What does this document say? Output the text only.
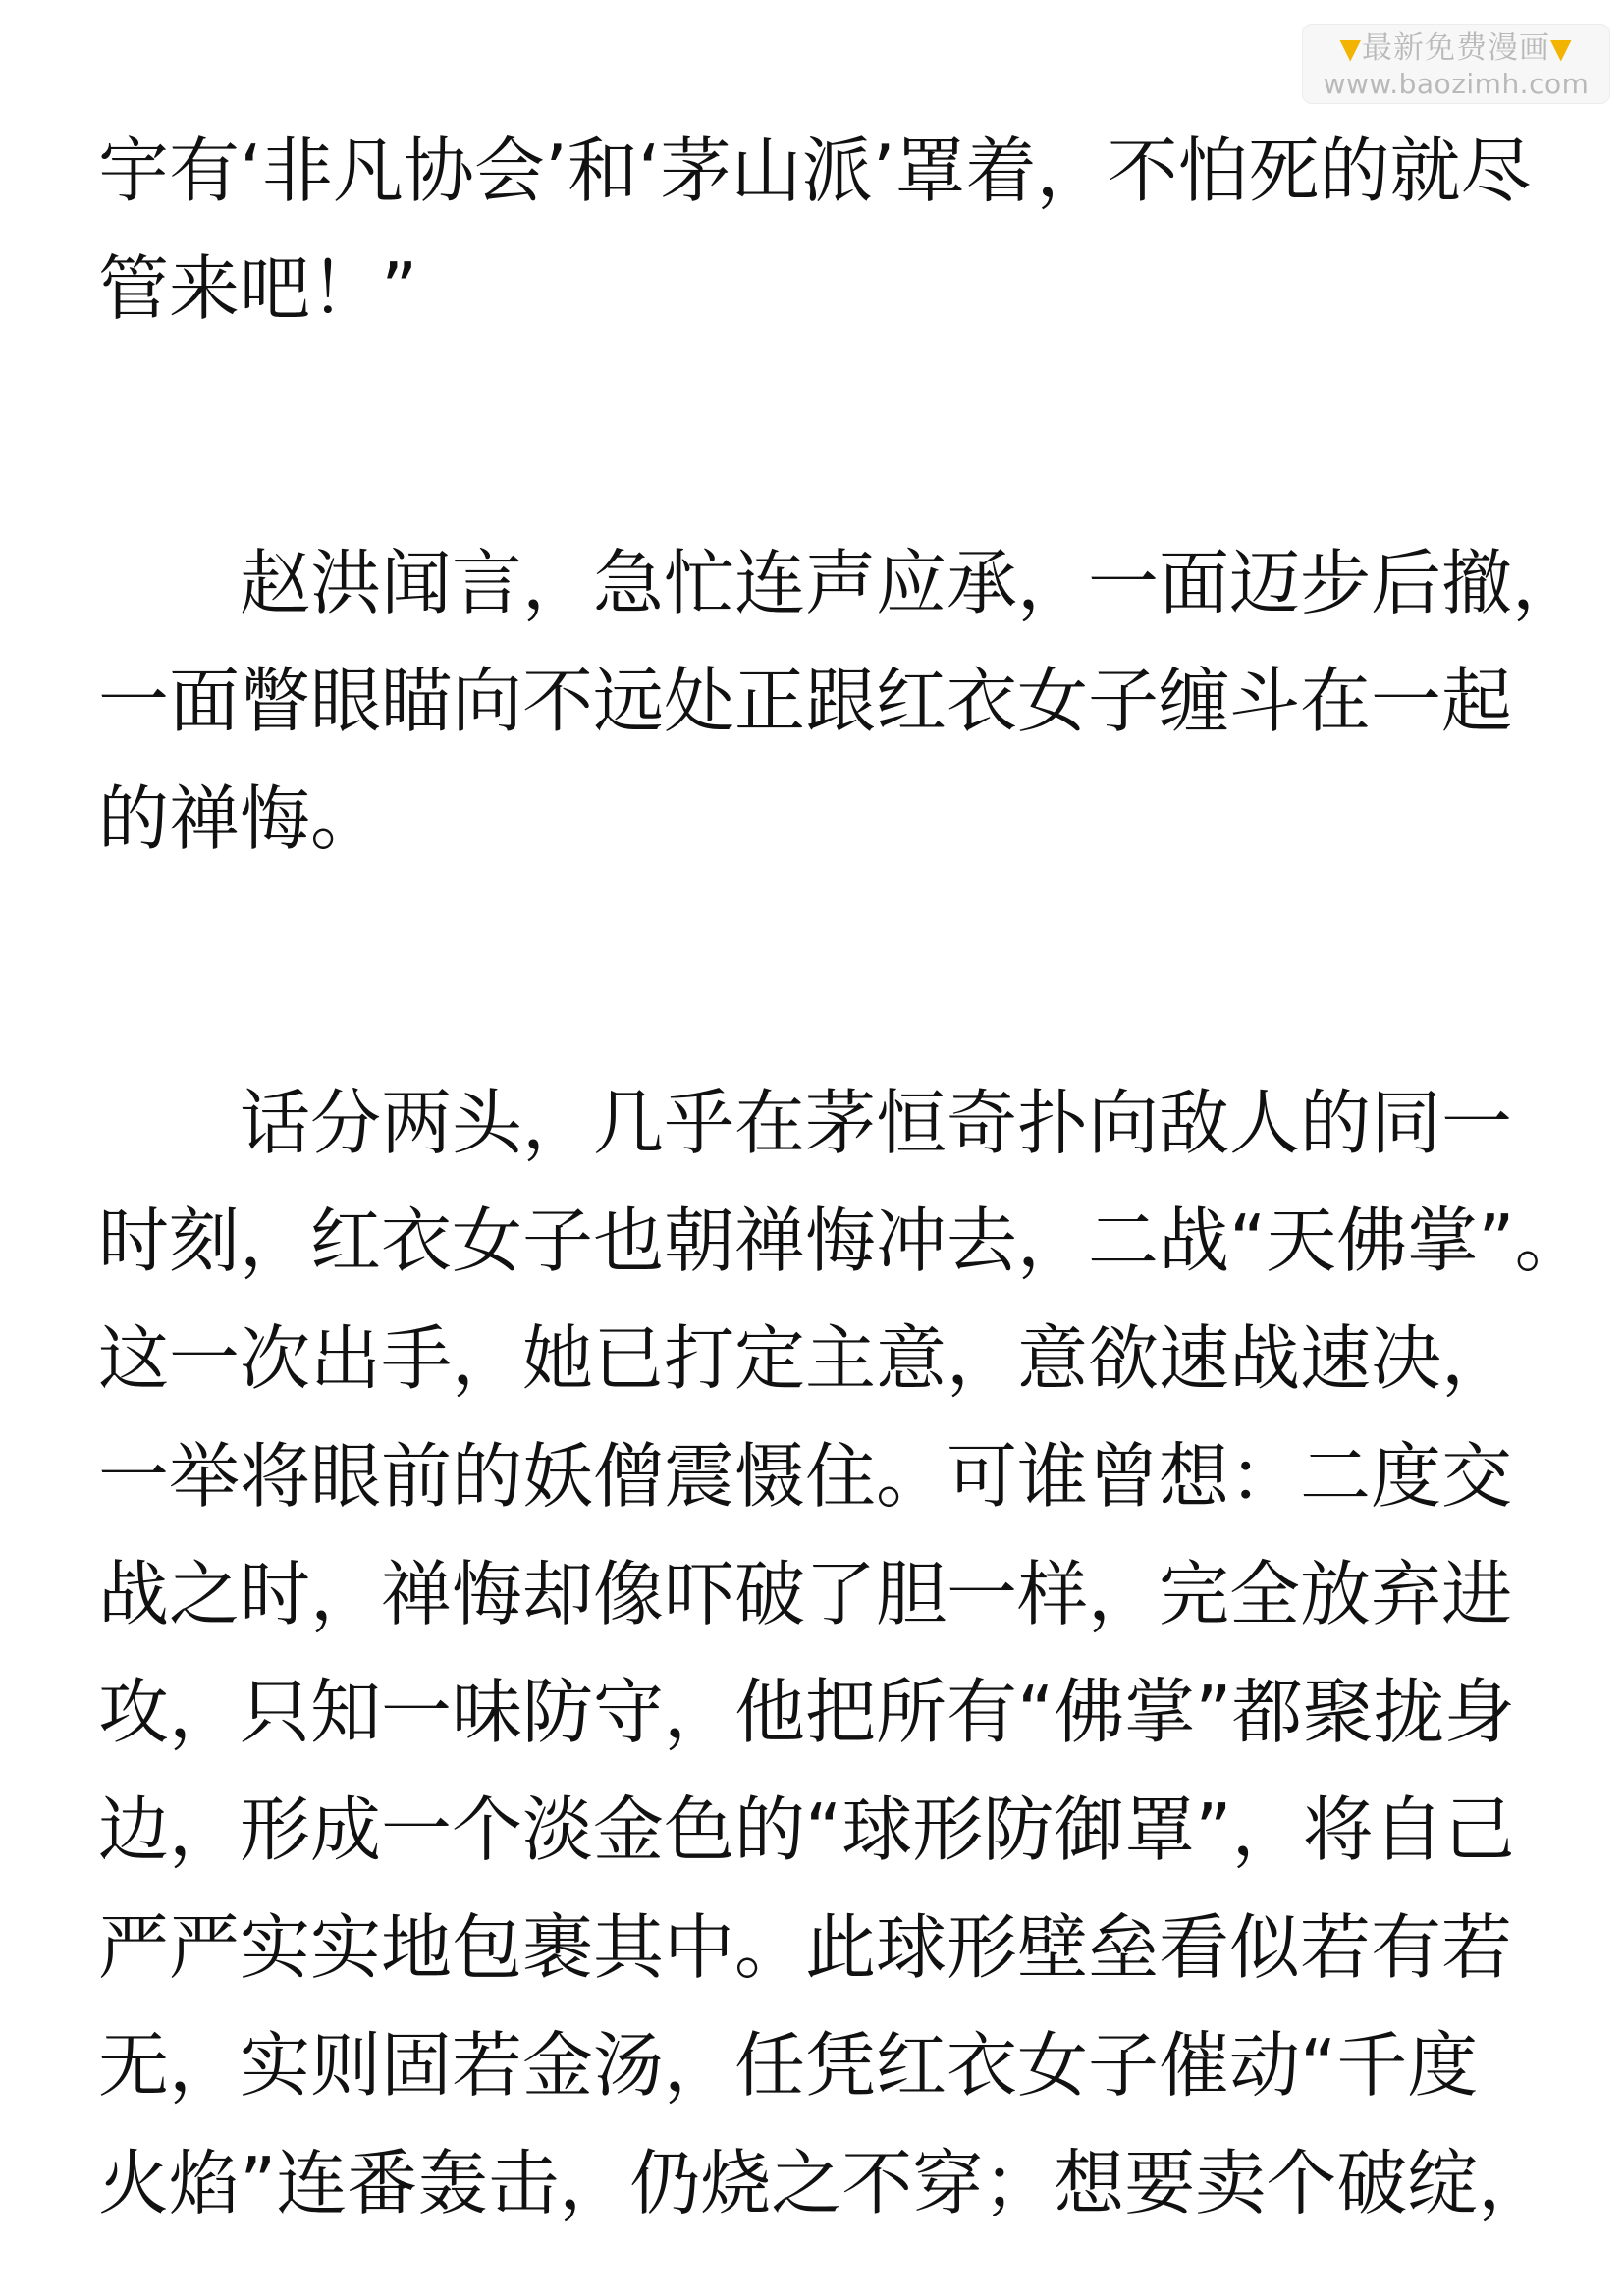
▼最新免费漫画▼
www.baozimh.com
宇有‘非凡协会’和‘茅山派’罩着，不怕死的就尽
管来吧！”
赵洪闻言，急忙连声应承，一面迈步后撤，
一面瞥眼瞄向不远处正跟红衣女子缠斗在一起
的禅悔。
话分两头，几乎在茅恒奇扑向敌人的同一
时刻，红衣女子也朝禅悔冲去，二战“天佛掌”。
这一次出手，她已打定主意，意欲速战速决，
一举将眼前的妖僧震慑住。可谁曾想：二度交
战之时，禅悔却像吓破了胆一样，完全放弃进
攻，只知一味防守，他把所有“佛掌”都聚拢身
边，形成一个淡金色的“球形防御罩”，将自己
严严实实地包裹其中。此球形壁垒看似若有若
无，实则固若金汤，任凭红衣女子催动“千度
火焰”连番轰击，仍烧之不穿；想要卖个破绽，
